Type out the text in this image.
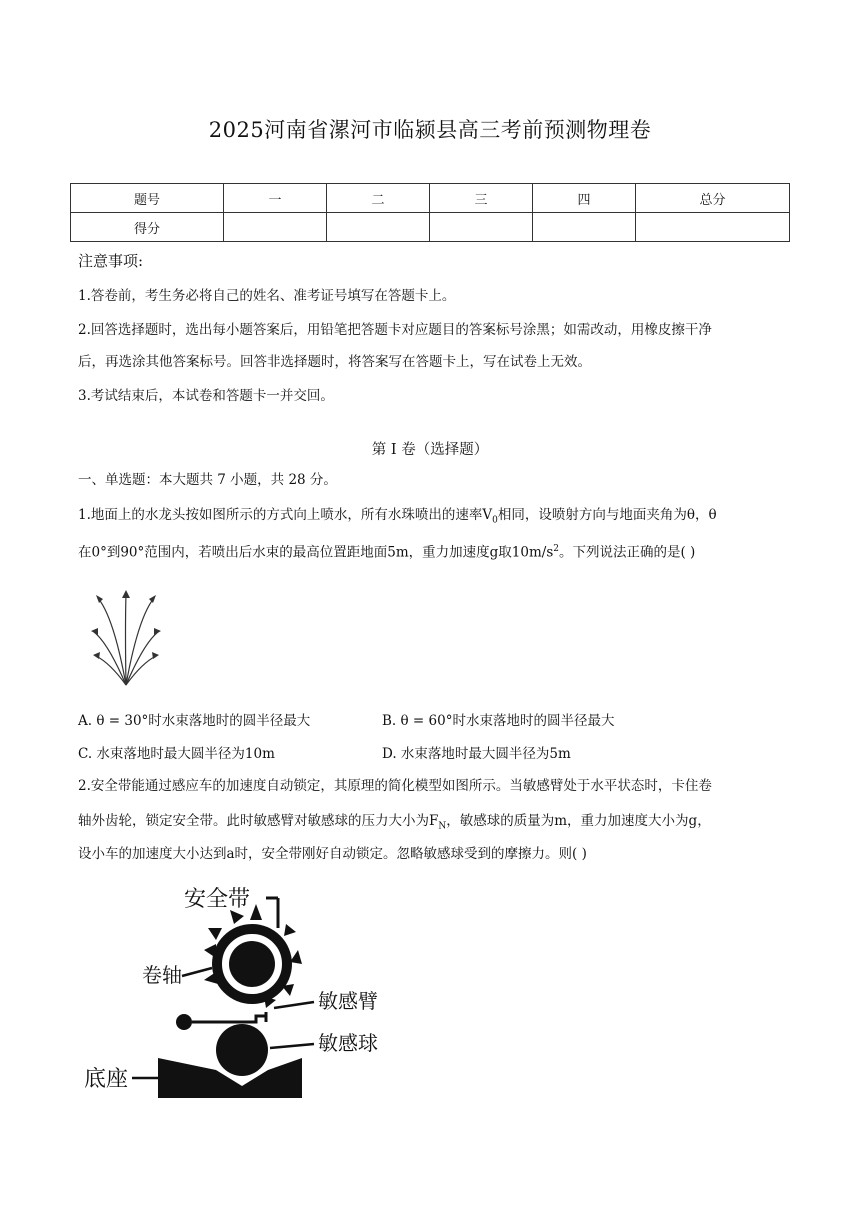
2025河南省漯河市临颍县高三考前预测物理卷
题号	一	二	三	四	总分
得分					
注意事项:
1.答卷前，考生务必将自己的姓名、准考证号填写在答题卡上。
2.回答选择题时，选出每小题答案后，用铅笔把答题卡对应题目的答案标号涂黑；如需改动，用橡皮擦干净
后，再选涂其他答案标号。回答非选择题时，将答案写在答题卡上，写在试卷上无效。
3.考试结束后，本试卷和答题卡一并交回。
第 I 卷（选择题）
一、单选题：本大题共 7 小题，共 28 分。
1.地面上的水龙头按如图所示的方式向上喷水，所有水珠喷出的速率$V_0$相同，设喷射方向与地面夹角为θ，θ
在0°到90°范围内，若喷出后水束的最高位置距地面5m，重力加速度g取$10m/s^2$。下列说法正确的是( )
A. θ = 30°时水束落地时的圆半径最大	B. θ = 60°时水束落地时的圆半径最大
C. 水束落地时最大圆半径为10m	D. 水束落地时最大圆半径为5m
2.安全带能通过感应车的加速度自动锁定，其原理的简化模型如图所示。当敏感臂处于水平状态时，卡住卷
轴外齿轮，锁定安全带。此时敏感臂对敏感球的压力大小为$F_N$，敏感球的质量为m，重力加速度大小为g，
设小车的加速度大小达到a时，安全带刚好自动锁定。忽略敏感球受到的摩擦力。则( )
安全带
卷轴
敏感臂
敏感球
底座
